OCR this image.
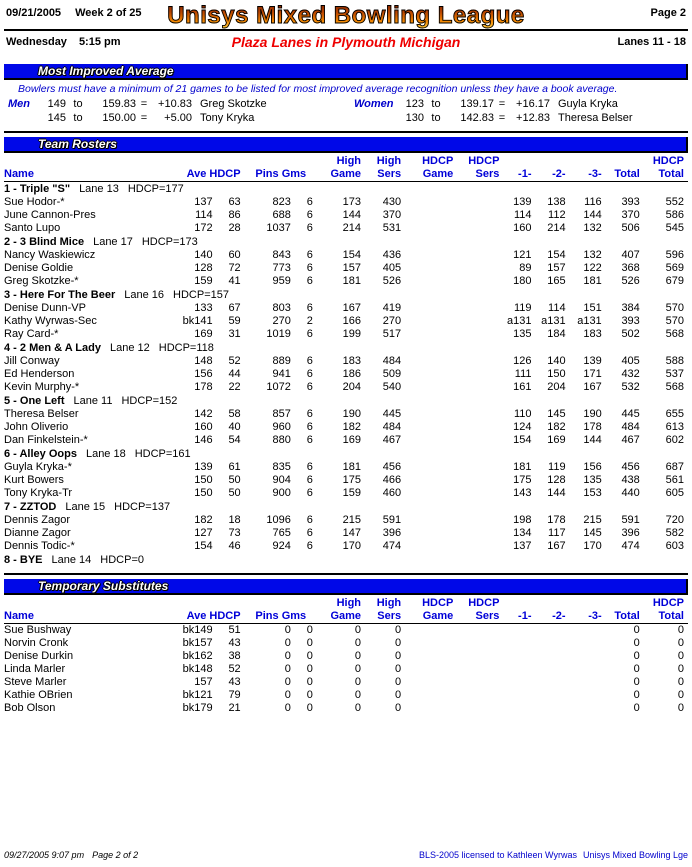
09/21/2005 Week 2 of 25	Unisys Mixed Bowling League	Page 2
Wednesday 5:15 pm	Plaza Lanes in Plymouth Michigan	Lanes 11 - 18
Most Improved Average
Bowlers must have a minimum of 21 games to be listed for most improved average recognition unless they have a book average.
Men	149 to	159.83 = +10.83 Greg Skotzke	Women	123 to	139.17 = +16.17 Guyla Kryka
145 to	150.00 =	+5.00 Tony Kryka	130 to	142.83 = +12.83 Theresa Belser
Team Rosters
					High	High	HDCP	HDCP					HDCP
Name	Ave HDCP		Pins Gms		Game	Sers	Game	Sers	-1-	-2-	-3-	Total	Total
1 - Triple "S" Lane 13 HDCP=177													
Sue Hodor-*	137	63	823	6	173	430			139	138	116	393	552
June Cannon-Pres	114	86	688	6	144	370			114	112	144	370	586
Santo Lupo	172	28	1037	6	214	531			160	214	132	506	545
2 - 3 Blind Mice Lane 17 HDCP=173													
Nancy Waskiewicz	140	60	843	6	154	436			121	154	132	407	596
Denise Goldie	128	72	773	6	157	405			89	157	122	368	569
Greg Skotzke-*	159	41	959	6	181	526			180	165	181	526	679
3 - Here For The Beer Lane 16 HDCP=157													
Denise Dunn-VP	133	67	803	6	167	419			119	114	151	384	570
Kathy Wyrwas-Sec	bk141	59	270	2	166	270			a131	a131	a131	393	570
Ray Card-*	169	31	1019	6	199	517			135	184	183	502	568
4 - 2 Men & A Lady Lane 12 HDCP=118													
Jill Conway	148	52	889	6	183	484			126	140	139	405	588
Ed Henderson	156	44	941	6	186	509			111	150	171	432	537
Kevin Murphy-*	178	22	1072	6	204	540			161	204	167	532	568
5 - One Left Lane 11 HDCP=152													
Theresa Belser	142	58	857	6	190	445			110	145	190	445	655
John Oliverio	160	40	960	6	182	484			124	182	178	484	613
Dan Finkelstein-*	146	54	880	6	169	467			154	169	144	467	602
6 - Alley Oops Lane 18 HDCP=161													
Guyla Kryka-*	139	61	835	6	181	456			181	119	156	456	687
Kurt Bowers	150	50	904	6	175	466			175	128	135	438	561
Tony Kryka-Tr	150	50	900	6	159	460			143	144	153	440	605
7 - ZZTOD Lane 15 HDCP=137													
Dennis Zagor	182	18	1096	6	215	591			198	178	215	591	720
Dianne Zagor	127	73	765	6	147	396			134	117	145	396	582
Dennis Todic-*	154	46	924	6	170	474			137	167	170	474	603
8 - BYE Lane 14 HDCP=0													
Temporary Substitutes
					High	High	HDCP	HDCP					HDCP
Name	Ave HDCP		Pins Gms		Game	Sers	Game	Sers	-1-	-2-	-3-	Total	Total
Sue Bushway	bk149	51	0	0	0	0						0	0
Norvin Cronk	bk157	43	0	0	0	0						0	0
Denise Durkin	bk162	38	0	0	0	0						0	0
Linda Marler	bk148	52	0	0	0	0						0	0
Steve Marler	157	43	0	0	0	0						0	0
Kathie OBrien	bk121	79	0	0	0	0						0	0
Bob Olson	bk179	21	0	0	0	0						0	0
09/27/2005 9:07 pm Page 2 of 2	BLS-2005 licensed to Kathleen Wyrwas Unisys Mixed Bowling Lge
